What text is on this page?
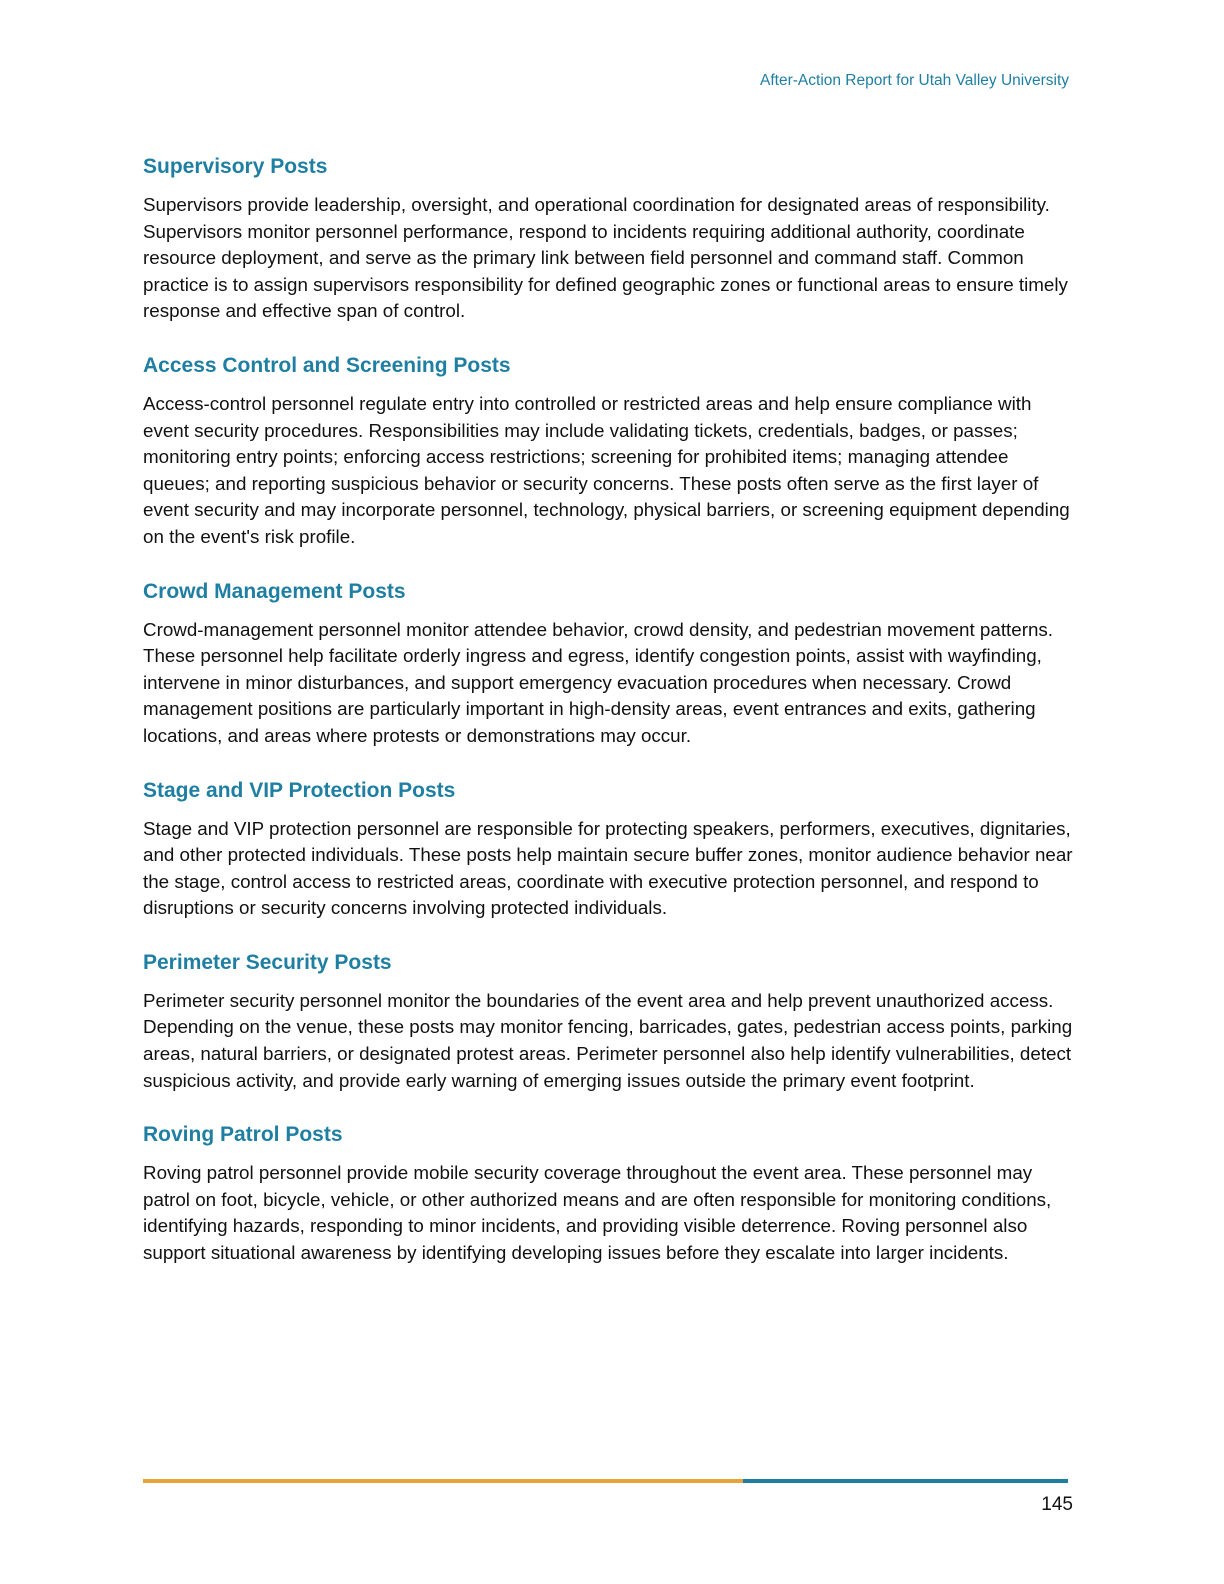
After-Action Report for Utah Valley University
Supervisory Posts

Supervisors provide leadership, oversight, and operational coordination for designated areas of responsibility. Supervisors monitor personnel performance, respond to incidents requiring additional authority, coordinate resource deployment, and serve as the primary link between field personnel and command staff. Common practice is to assign supervisors responsibility for defined geographic zones or functional areas to ensure timely response and effective span of control.

Access Control and Screening Posts

Access-control personnel regulate entry into controlled or restricted areas and help ensure compliance with event security procedures. Responsibilities may include validating tickets, credentials, badges, or passes; monitoring entry points; enforcing access restrictions; screening for prohibited items; managing attendee queues; and reporting suspicious behavior or security concerns. These posts often serve as the first layer of event security and may incorporate personnel, technology, physical barriers, or screening equipment depending on the event's risk profile.

Crowd Management Posts

Crowd-management personnel monitor attendee behavior, crowd density, and pedestrian movement patterns. These personnel help facilitate orderly ingress and egress, identify congestion points, assist with wayfinding, intervene in minor disturbances, and support emergency evacuation procedures when necessary. Crowd management positions are particularly important in high-density areas, event entrances and exits, gathering locations, and areas where protests or demonstrations may occur.

Stage and VIP Protection Posts

Stage and VIP protection personnel are responsible for protecting speakers, performers, executives, dignitaries, and other protected individuals. These posts help maintain secure buffer zones, monitor audience behavior near the stage, control access to restricted areas, coordinate with executive protection personnel, and respond to disruptions or security concerns involving protected individuals.

Perimeter Security Posts

Perimeter security personnel monitor the boundaries of the event area and help prevent unauthorized access. Depending on the venue, these posts may monitor fencing, barricades, gates, pedestrian access points, parking areas, natural barriers, or designated protest areas. Perimeter personnel also help identify vulnerabilities, detect suspicious activity, and provide early warning of emerging issues outside the primary event footprint.

Roving Patrol Posts

Roving patrol personnel provide mobile security coverage throughout the event area. These personnel may patrol on foot, bicycle, vehicle, or other authorized means and are often responsible for monitoring conditions, identifying hazards, responding to minor incidents, and providing visible deterrence. Roving personnel also support situational awareness by identifying developing issues before they escalate into larger incidents.

145
